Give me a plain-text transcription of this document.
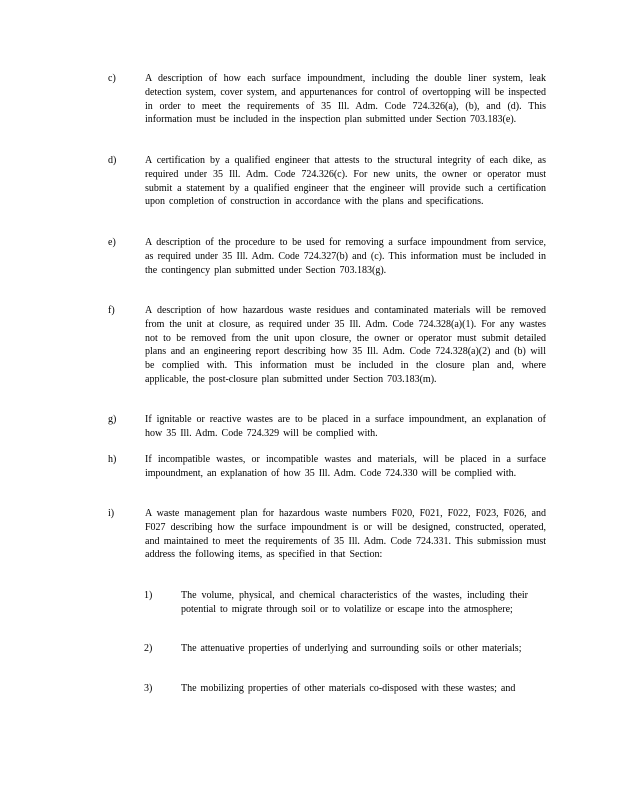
c)	A description of how each surface impoundment, including the double liner system, leak detection system, cover system, and appurtenances for control of overtopping will be inspected in order to meet the requirements of 35 Ill. Adm. Code 724.326(a), (b), and (d). This information must be included in the inspection plan submitted under Section 703.183(e).
d)	A certification by a qualified engineer that attests to the structural integrity of each dike, as required under 35 Ill. Adm. Code 724.326(c). For new units, the owner or operator must submit a statement by a qualified engineer that the engineer will provide such a certification upon completion of construction in accordance with the plans and specifications.
e)	A description of the procedure to be used for removing a surface impoundment from service, as required under 35 Ill. Adm. Code 724.327(b) and (c). This information must be included in the contingency plan submitted under Section 703.183(g).
f)	A description of how hazardous waste residues and contaminated materials will be removed from the unit at closure, as required under 35 Ill. Adm. Code 724.328(a)(1). For any wastes not to be removed from the unit upon closure, the owner or operator must submit detailed plans and an engineering report describing how 35 Ill. Adm. Code 724.328(a)(2) and (b) will be complied with. This information must be included in the closure plan and, where applicable, the post-closure plan submitted under Section 703.183(m).
g)	If ignitable or reactive wastes are to be placed in a surface impoundment, an explanation of how 35 Ill. Adm. Code 724.329 will be complied with.
h)	If incompatible wastes, or incompatible wastes and materials, will be placed in a surface impoundment, an explanation of how 35 Ill. Adm. Code 724.330 will be complied with.
i)	A waste management plan for hazardous waste numbers F020, F021, F022, F023, F026, and F027 describing how the surface impoundment is or will be designed, constructed, operated, and maintained to meet the requirements of 35 Ill. Adm. Code 724.331. This submission must address the following items, as specified in that Section:
1)	The volume, physical, and chemical characteristics of the wastes, including their potential to migrate through soil or to volatilize or escape into the atmosphere;
2)	The attenuative properties of underlying and surrounding soils or other materials;
3)	The mobilizing properties of other materials co-disposed with these wastes; and
